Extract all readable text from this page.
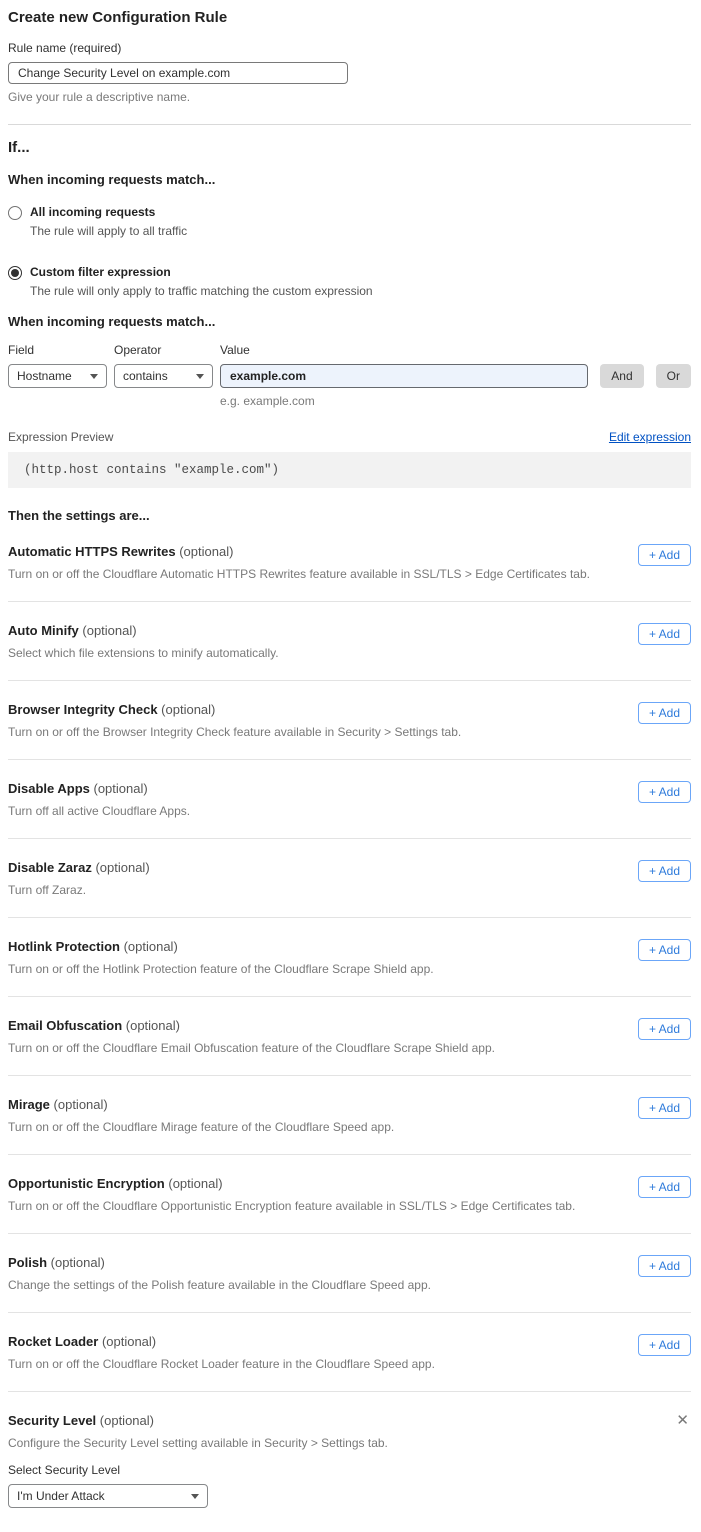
Create new Configuration Rule
Rule name (required)
Change Security Level on example.com
Give your rule a descriptive name.
If...
When incoming requests match...
All incoming requests
The rule will apply to all traffic
Custom filter expression
The rule will only apply to traffic matching the custom expression
When incoming requests match...
Field
Hostname
Operator
contains
Value
example.com
And	Or
e.g. example.com
Expression Preview	Edit expression
(http.host contains "example.com")
Then the settings are...
Automatic HTTPS Rewrites (optional)
Turn on or off the Cloudflare Automatic HTTPS Rewrites feature available in SSL/TLS > Edge Certificates tab.
+ Add
Auto Minify (optional)
Select which file extensions to minify automatically.
+ Add
Browser Integrity Check (optional)
Turn on or off the Browser Integrity Check feature available in Security > Settings tab.
+ Add
Disable Apps (optional)
Turn off all active Cloudflare Apps.
+ Add
Disable Zaraz (optional)
Turn off Zaraz.
+ Add
Hotlink Protection (optional)
Turn on or off the Hotlink Protection feature of the Cloudflare Scrape Shield app.
+ Add
Email Obfuscation (optional)
Turn on or off the Cloudflare Email Obfuscation feature of the Cloudflare Scrape Shield app.
+ Add
Mirage (optional)
Turn on or off the Cloudflare Mirage feature of the Cloudflare Speed app.
+ Add
Opportunistic Encryption (optional)
Turn on or off the Cloudflare Opportunistic Encryption feature available in SSL/TLS > Edge Certificates tab.
+ Add
Polish (optional)
Change the settings of the Polish feature available in the Cloudflare Speed app.
+ Add
Rocket Loader (optional)
Turn on or off the Cloudflare Rocket Loader feature in the Cloudflare Speed app.
+ Add
Security Level (optional)
Configure the Security Level setting available in Security > Settings tab.
✕
Select Security Level
I'm Under Attack
